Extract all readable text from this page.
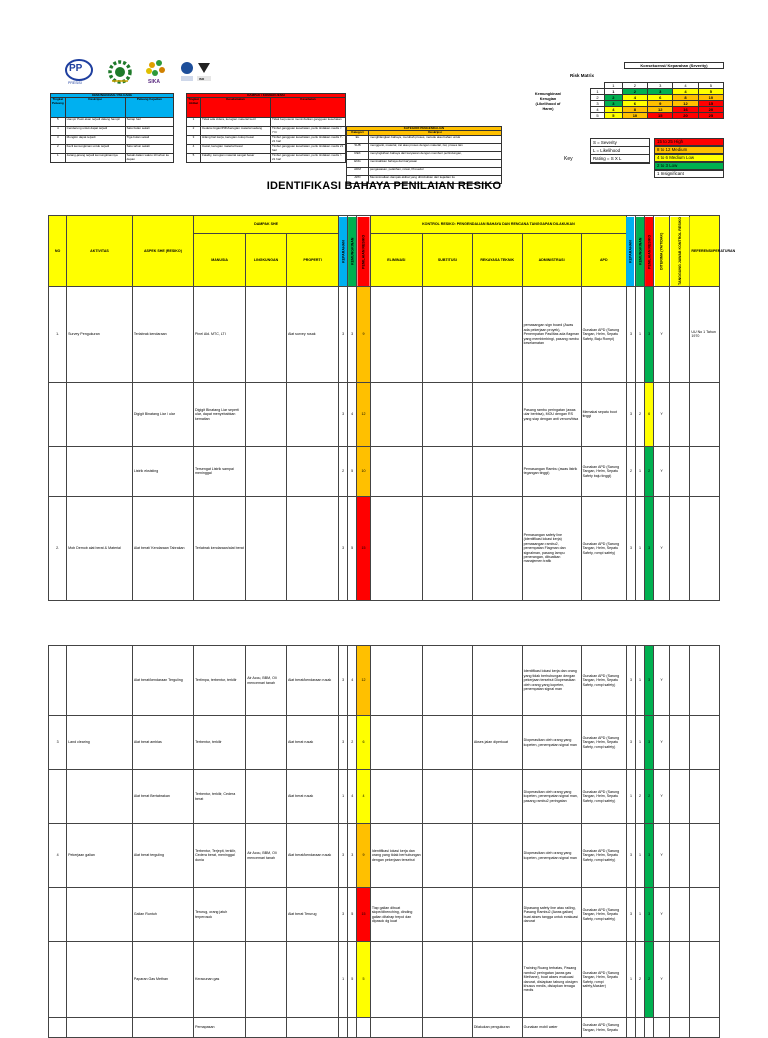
PP
PRESISI	SIKA	ISO
KEMUNGKINAN / PELUANG		
Tingkat Peluang	Deskripsi	Peluang Kejadian
5	Hampir Pasti akan terjadi dalang hampir	Setiap hari
4	Cenderung untuk dapat terjadi	Satu bulan sekali
3	Mungkin dapat terjadi	Tiga bulan sekali
2	Kecil kemungkinan untuk terjadi	Satu tahun sekali
1	Jarang-jarang terjadi kemungkinannya	Sekali dalam waktu 10 tahun ke depan
DAMPAK / KONSEKUENSI		
Tingkat Akibat	Keselamatan	Kesehatan
1	Tidak ada cidera, kerugian material kecil	Tidak berpotensi menimbulkan gangguan kesehatan
2	Cedera ringan/P3K/kerugian material sedang	Timbul gangguan kesehatan, perlu tindakan medis < 7 hr
3	Hilang hari kerja, kerugian cukup besar	Timbul gangguan kesehatan, perlu tindakan medis 7-21 hari
4	Cacat, kerugian material besar	Timbul gangguan kesehatan, perlu tindakan medis 21 hari
5	Fatality, kerugian material sangat besar	Timbul gangguan kesehatan, perlu tindakan medis > 21 hari
KATEGORI PENGENDALIAN	
Kategori	Deskripsi
EL	menghilangkan bahaya, merubah proses, metode atau bahan untuk
SUB	mengganti, material, zat atau proses dengan material, zat, proses lain
REK	menyingkirkan bahaya dari karyawan dengan memberi perlindungan,
ENG	memisahkan bahaya dari karyawan
ADM	pengawasan, pelatihan, rotasi, Prosedur
APD	Meminimalkan dampak akibat yang ditimbulkan dari kejadian itu
Risk Matrix
Konsekuensi/ Keparahan (Severity)
Kemungkinan/ Kerugian (Likelihood of Harm)
	1	2	3	4	5
1	1	2	3	4	5
2	2	4	6	8	10
3	3	6	9	12	15
4	4	8	12	16	20
5	5	10	15	20	25
Key
S = Severity
L = Likelihood
Rating = S X L
15 to 25 High
8 to 12 Medium
4 to 6 Medium Low
2 to 3 Low
1 Insignificant
IDENTIFIKASI BAHAYA PENILAIAN RESIKO
NO	AKTIVITAS	ASPEK SHE (RESIKO)	DAMPAK SHE			KEPARAHAN	KEMUNGKINAN	PENILAIAN RESIKO	KONTROL RESIKO: PENGENDALIAN BAHAYA DAN RENCANA TANGGAPAN DILAKUKAN					KEPARAHAN	KEMUNGKINAN	PENILAIAN RESIKO	DITERIMA (YA/TIDAK)	TANGGUNG JAWAB KONTROL RESIKO	REFERENSI/PERATURAN
			MANUSIA	LINGKUNGAN	PROPERTI				ELIMINASI	SUBTITUSI	REKAYASA TEKNIK	ADMINISTRASI	APD						
1.	Survey Pengukuran	Terlabrak kendaraan	Pinel Ald. MTC, LTI		Alat survey rusak	3	3	9				pemasangan sign board (Awas ada pekerjaan proyek), Penempatan Pasilitas ada flagman yang membimbingi, pasang rambu keselamatan	Gunakan APD (Sarung Tangan, Helm, Sepatu Safety, Baju Rompi)	3	1	3	Y		UU No 1 Tahun 1970
		Digigit Binatang Liar / ular	Digigit Binatang Liar seperti ular, dapat menyebabkan kematian			3	4	12				Pasang rambu peringatan (awas ular berbisa), MOU dengan RS yang siap dengan anti venom/bisa	Memakai sepatu boot tinggi	3	2	6	Y		
		Listrik eksisting	Tersengat Listrik sampai meninggal			2	5	10				Pemasangan Rambu (awas listrik tegangan tinggi)	Gunakan APD (Sarung Tangan, Helm, Sepatu Safety baju tinggi)	2	1	2	Y		
2.	Mob Demob alat berat & Material	Alat berat/ Kendaraan Tabrakan	Terlabrak kendaraan/alat berat			3	5	15				Pemasangan safety line (identifikasi lokasi kerja) pemasangan rambu2, penempatan Flagman dan signalman, pasang lampu penerangan, dibuatkan manajemen trafik	Gunakan APD (Sarung Tangan, Helm, Sepatu Safety, rompi safety)	3	1	3	Y		
		Alat berat/kendaraan Terguling	Tertimpa, terbentur, terkilir	Air Accu, BBM, Oli mencemari tanah	Alat berat/kendaraan rusak	3	4	12				Identifikasi lokasi kerja dan orang yang tidak berhubungan dengan pekerjaan tersebut Dioperasikan oleh orang yang kopeten, penempatan signal man	Gunakan APD (Sarung Tangan, Helm, Sepatu Safety, rompi safety)	3	1	3	Y		
3	Land clearing	Alat berat amblas	Terbentur, terkilir		Alat berat rusak	3	2	6			Akses jalan diperkuat	Dioperasikan oleh orang yang kopeten, penempatan signal man	Gunakan APD (Sarung Tangan, Helm, Sepatu Safety, rompi safety)	3	1	3	Y		
		Alat berat Bertabrakan	Terbentur, terkilir, Cedera berat		Alat berat rusak	1	4	4				Dioperasikan oleh orang yang kopeten, penempatan signal man, pasang rambu2 peringatan	Gunakan APD (Sarung Tangan, Helm, Sepatu Safety, rompi safety)	1	2	2	Y		
4	Pekerjaan galian	Alat berat terguling	Terbentur, Terjepit, terkilir, Cedera berat, meninggal dunia	Air Accu, BBM, Oli mencemari tanah	Alat berat/kendaraan rusak	3	3	9	Identifikasi lokasi kerja dan orang yang tidak berhubungan dengan pekerjaan tersebut			Dioperasikan oleh orang yang kopeten, penempatan signal man	Gunakan APD (Sarung Tangan, Helm, Sepatu Safety, rompi safety)	3	1	3	Y		
		Galian Runtuh	Terurug, orang jatuh terperosok		Alat berat Terurug	3	5	15	Tiap galian dibuat slope/dibenching, dinding galian ditahap trepol dan dipasok dg kuat			Dipasang safety line atau railing, Pasang Rambu2 (Awas galian) buat akses tangga untuk evakuasi darurat	Gunakan APD (Sarung Tangan, Helm, Sepatu Safety, rompi safety)	3	1	3	Y		
		Paparan Gas Methan	Keracunan gas			1	5	5				Training Ruang terbatas, Pasang rambu2 peringatan (awas gas Methane), buat akses evakuasi darurat, disiapkan tabung oksigen khusus medis, disiapkan tenaga medis	Gunakan APD (Sarung Tangan, Helm, Sepatu Safety, rompi safety,Masker)	1	2	2	Y		
			Pernapasan								Dilakukan pengukuran	Gunakan mobil water	Gunakan APD (Sarung Tangan, Helm, Sepatu						
